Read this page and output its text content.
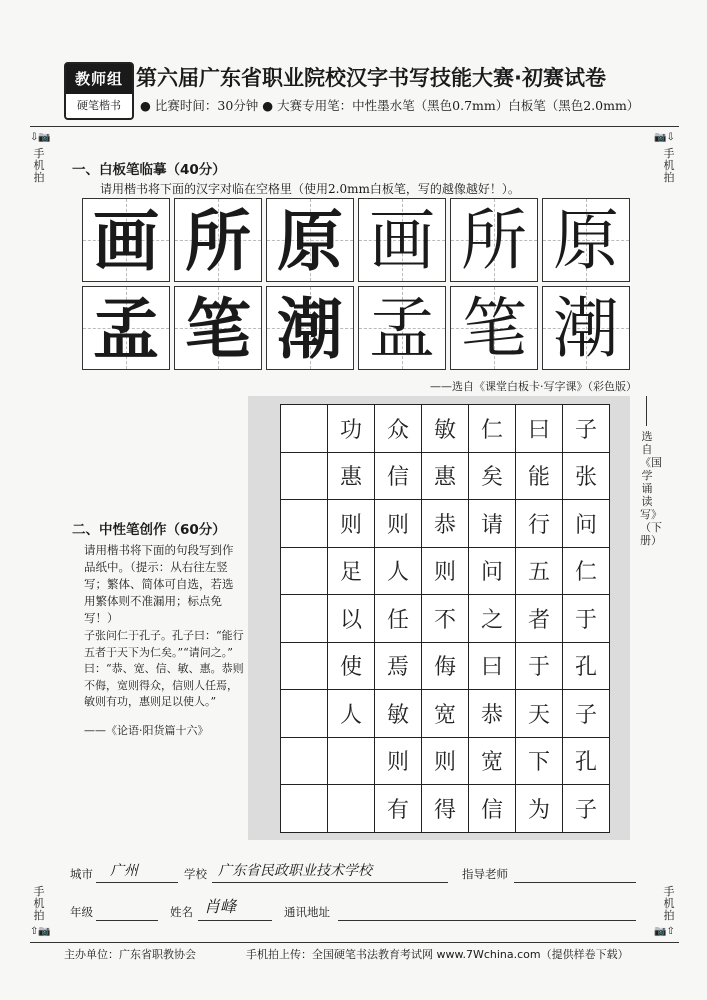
教师组
硬笔楷书
第六届广东省职业院校汉字书写技能大赛·初赛试卷
● 比赛时间：30分钟 ● 大赛专用笔：中性墨水笔（黑色0.7mm）白板笔（黑色2.0mm）
⇩📷
手机拍
📷⇩
手机拍
手机拍
⇧📷
手机拍
📷⇧
一、白板笔临摹（40分）
请用楷书将下面的汉字对临在空格里（使用2.0mm白板笔，写的越像越好！）。
画 所 原 画 所 原
孟 笔 潮 孟 笔 潮
——选自《课堂白板卡·写字课》（彩色版）
	功	众	敏	仁	曰	子
	惠	信	惠	矣	能	张
	则	则	恭	请	行	问
	足	人	则	问	五	仁
	以	任	不	之	者	于
	使	焉	侮	曰	于	孔
	人	敏	宽	恭	天	子
		则	则	宽	下	孔
		有	得	信	为	子
选自《国学诵读写》（下册）
二、中性笔创作（60分）
请用楷书将下面的句段写到作品纸中。（提示：从右往左竖写；繁体、简体可自选，若选用繁体则不准漏用；标点免写！）
子张问仁于孔子。孔子曰：“能行五者于天下为仁矣。”“请问之。” 曰：“恭、宽、信、敏、惠。恭则不侮，宽则得众，信则人任焉，敏则有功，惠则足以使人。”
——《论语·阳货篇十六》
城市 广州	学校 广东省民政职业技术学校	指导老师
年级	姓名 肖峰	通讯地址
主办单位：广东省职教协会	手机拍上传：全国硬笔书法教育考试网 www.7Wchina.com（提供样卷下载）
